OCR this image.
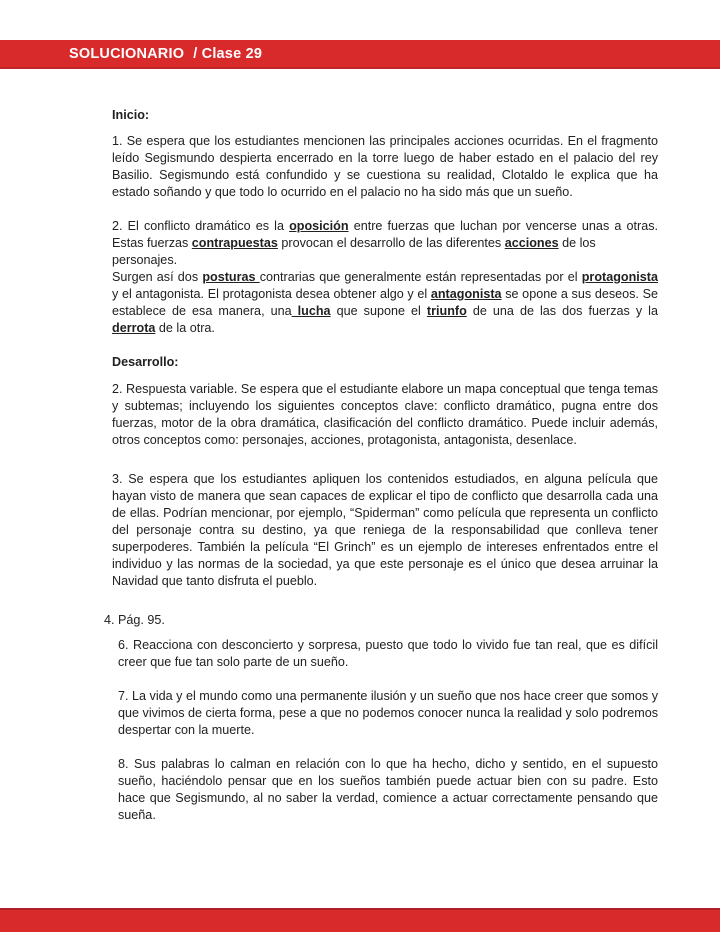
SOLUCIONARIO / Clase 29

Inicio:

1. Se espera que los estudiantes mencionen las principales acciones ocurridas. En el fragmento leído Segismundo despierta encerrado en la torre luego de haber estado en el palacio del rey Basilio. Segismundo está confundido y se cuestiona su realidad, Clotaldo le explica que ha estado soñando y que todo lo ocurrido en el palacio no ha sido más que un sueño.

2. El conflicto dramático es la oposición entre fuerzas que luchan por vencerse unas a otras. Estas fuerzas contrapuestas provocan el desarrollo de las diferentes acciones de los
personajes.

Surgen así dos posturas contrarias que generalmente están representadas por el protagonista y el antagonista. El protagonista desea obtener algo y el antagonista se opone a sus deseos. Se establece de esa manera, una lucha que supone el triunfo de una de las dos fuerzas y la derrota de la otra.

Desarrollo:

2. Respuesta variable. Se espera que el estudiante elabore un mapa conceptual que tenga temas y subtemas; incluyendo los siguientes conceptos clave: conflicto dramático, pugna entre dos fuerzas, motor de la obra dramática, clasificación del conflicto dramático. Puede incluir además, otros conceptos como: personajes, acciones, protagonista, antagonista, desenlace.

3. Se espera que los estudiantes apliquen los contenidos estudiados, en alguna película que hayan visto de manera que sean capaces de explicar el tipo de conflicto que desarrolla cada una de ellas. Podrían mencionar, por ejemplo, “Spiderman” como película que representa un conflicto del personaje contra su destino, ya que reniega de la responsabilidad que conlleva tener superpoderes. También la película “El Grinch” es un ejemplo de intereses enfrentados entre el individuo y las normas de la sociedad, ya que este personaje es el único que desea arruinar la Navidad que tanto disfruta el pueblo.

4. Pág. 95.

6. Reacciona con desconcierto y sorpresa, puesto que todo lo vivido fue tan real, que es difícil creer que fue tan solo parte de un sueño.

7. La vida y el mundo como una permanente ilusión y un sueño que nos hace creer que somos y que vivimos de cierta forma, pese a que no podemos conocer nunca la realidad y solo podremos despertar con la muerte.

8. Sus palabras lo calman en relación con lo que ha hecho, dicho y sentido, en el supuesto sueño, haciéndolo pensar que en los sueños también puede actuar bien con su padre. Esto hace que Segismundo, al no saber la verdad, comience a actuar correctamente pensando que sueña.
